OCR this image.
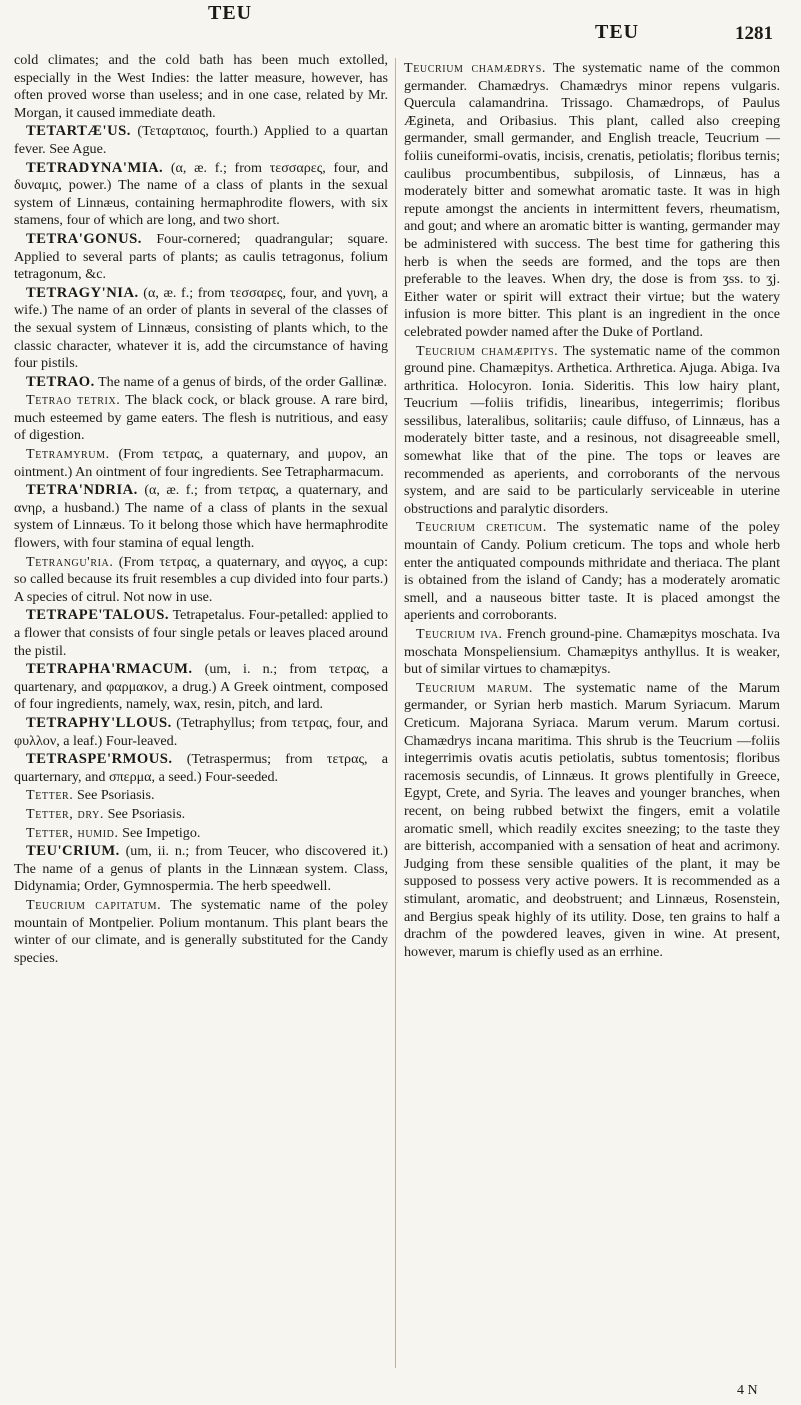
TEU
TEU	1281

cold climates; and the cold bath has been much extolled, especially in the West Indies: the latter measure, however, has often proved worse than useless; and in one case, related by Mr. Morgan, it caused immediate death.

TETARTÆ'US. (Τεταρταιος, fourth.) Applied to a quartan fever. See Ague.

TETRADYNA'MIA. (α, æ. f.; from τεσσαρες, four, and δυναμις, power.) The name of a class of plants in the sexual system of Linnæus, containing hermaphrodite flowers, with six stamens, four of which are long, and two short.

TETRA'GONUS. Four-cornered; quadrangular; square. Applied to several parts of plants; as caulis tetragonus, folium tetragonum, &c.

TETRAGY'NIA. (α, æ. f.; from τεσσαρες, four, and γυνη, a wife.) The name of an order of plants in several of the classes of the sexual system of Linnæus, consisting of plants which, to the classic character, whatever it is, add the circumstance of having four pistils.

TETRAO. The name of a genus of birds, of the order Gallinæ.

Tetrao tetrix. The black cock, or black grouse. A rare bird, much esteemed by game eaters. The flesh is nutritious, and easy of digestion.

Tetramyrum. (From τετρας, a quaternary, and μυρον, an ointment.) An ointment of four ingredients. See Tetrapharmacum.

TETRA'NDRIA. (α, æ. f.; from τετρας, a quaternary, and ανηρ, a husband.) The name of a class of plants in the sexual system of Linnæus. To it belong those which have hermaphrodite flowers, with four stamina of equal length.

Tetrangu'ria. (From τετρας, a quaternary, and αγγος, a cup: so called because its fruit resembles a cup divided into four parts.) A species of citrul. Not now in use.

TETRAPE'TALOUS. Tetrapetalus. Four-petalled: applied to a flower that consists of four single petals or leaves placed around the pistil.

TETRAPHA'RMACUM. (um, i. n.; from τετρας, a quartenary, and φαρμακον, a drug.) A Greek ointment, composed of four ingredients, namely, wax, resin, pitch, and lard.

TETRAPHY'LLOUS. (Tetraphyllus; from τετρας, four, and φυλλον, a leaf.) Four-leaved.

TETRASPE'RMOUS. (Tetraspermus; from τετρας, a quarternary, and σπερμα, a seed.) Four-seeded.

Tetter. See Psoriasis.

Tetter, dry. See Psoriasis.

Tetter, humid. See Impetigo.

TEU'CRIUM. (um, ii. n.; from Teucer, who discovered it.) The name of a genus of plants in the Linnæan system. Class, Didynamia; Order, Gymnospermia. The herb speedwell.

Teucrium capitatum. The systematic name of the poley mountain of Montpelier. Polium montanum. This plant bears the winter of our climate, and is generally substituted for the Candy species.

Teucrium chamædrys. The systematic name of the common germander. Chamædrys. Chamædrys minor repens vulgaris. Quercula calamandrina. Trissago. Chamædrops, of Paulus Ægineta, and Oribasius. This plant, called also creeping germander, small germander, and English treacle, Teucrium —foliis cuneiformi-ovatis, incisis, crenatis, petiolatis; floribus ternis; caulibus procumbentibus, subpilosis, of Linnæus, has a moderately bitter and somewhat aromatic taste. It was in high repute amongst the ancients in intermittent fevers, rheumatism, and gout; and where an aromatic bitter is wanting, germander may be administered with success. The best time for gathering this herb is when the seeds are formed, and the tops are then preferable to the leaves. When dry, the dose is from ʒss. to ʒj. Either water or spirit will extract their virtue; but the watery infusion is more bitter. This plant is an ingredient in the once celebrated powder named after the Duke of Portland.

Teucrium chamæpitys. The systematic name of the common ground pine. Chamæpitys. Arthetica. Arthretica. Ajuga. Abiga. Iva arthritica. Holocyron. Ionia. Sideritis. This low hairy plant, Teucrium —foliis trifidis, linearibus, integerrimis; floribus sessilibus, lateralibus, solitariis; caule diffuso, of Linnæus, has a moderately bitter taste, and a resinous, not disagreeable smell, somewhat like that of the pine. The tops or leaves are recommended as aperients, and corroborants of the nervous system, and are said to be particularly serviceable in uterine obstructions and paralytic disorders.

Teucrium creticum. The systematic name of the poley mountain of Candy. Polium creticum. The tops and whole herb enter the antiquated compounds mithridate and theriaca. The plant is obtained from the island of Candy; has a moderately aromatic smell, and a nauseous bitter taste. It is placed amongst the aperients and corroborants.

Teucrium iva. French ground-pine. Chamæpitys moschata. Iva moschata Monspeliensium. Chamæpitys anthyllus. It is weaker, but of similar virtues to chamæpitys.

Teucrium marum. The systematic name of the Marum germander, or Syrian herb mastich. Marum Syriacum. Marum Creticum. Majorana Syriaca. Marum verum. Marum cortusi. Chamædrys incana maritima. This shrub is the Teucrium —foliis integerrimis ovatis acutis petiolatis, subtus tomentosis; floribus racemosis secundis, of Linnæus. It grows plentifully in Greece, Egypt, Crete, and Syria. The leaves and younger branches, when recent, on being rubbed betwixt the fingers, emit a volatile aromatic smell, which readily excites sneezing; to the taste they are bitterish, accompanied with a sensation of heat and acrimony. Judging from these sensible qualities of the plant, it may be supposed to possess very active powers. It is recommended as a stimulant, aromatic, and deobstruent; and Linnæus, Rosenstein, and Bergius speak highly of its utility. Dose, ten grains to half a drachm of the powdered leaves, given in wine. At present, however, marum is chiefly used as an errhine.

4 N
